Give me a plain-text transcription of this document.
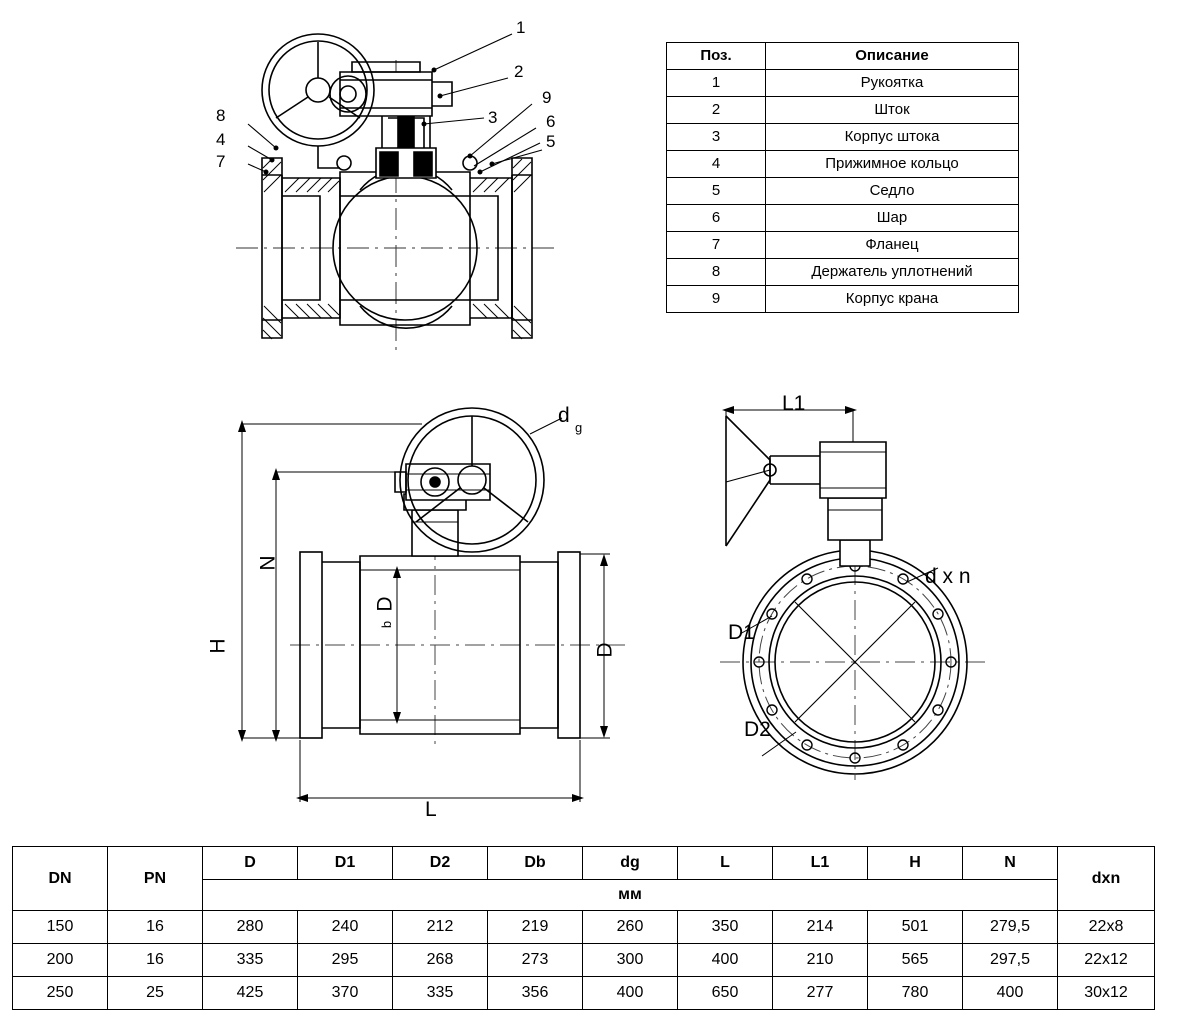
1
2
3
9
6
5
8
4
7
Поз.	Описание
1	Рукоятка
2	Шток
3	Корпус штока
4	Прижимное кольцо
5	Седло
6	Шар
7	Фланец
8	Держатель уплотнений
9	Корпус крана
d
g
N
H
D
b
D
L
L1
d x n
D1
D2
DN	PN	D	D1	D2	Db	dg	L	L1	H	N	dxn
		мм									
150	16	280	240	212	219	260	350	214	501	279,5	22x8
200	16	335	295	268	273	300	400	210	565	297,5	22x12
250	25	425	370	335	356	400	650	277	780	400	30x12
